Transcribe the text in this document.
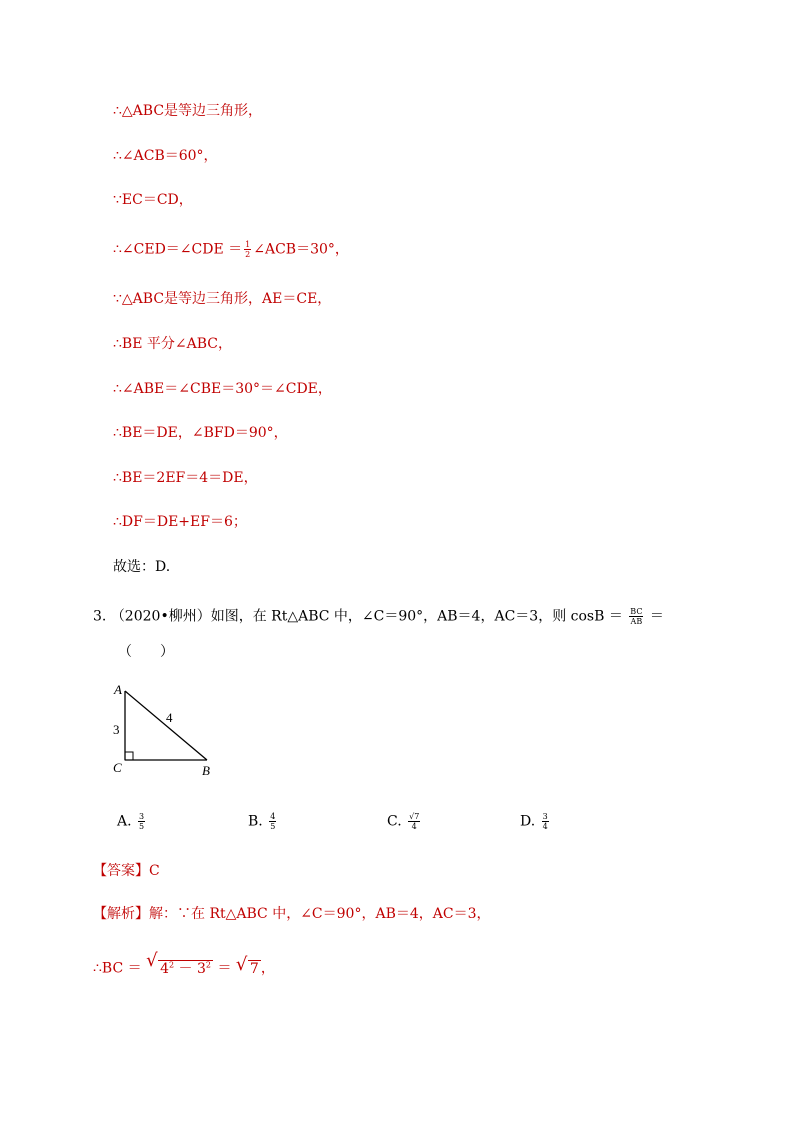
∴△ABC是等边三角形，
∴∠ACB＝60°，
∵EC＝CD，
∴∠CED＝∠CDE ＝ $\frac{1}{2}$ ∠ACB＝30°，
∵△ABC是等边三角形，AE＝CE，
∴BE 平分∠ABC，
∴∠ABE＝∠CBE＝30°＝∠CDE，
∴BE＝DE，∠BFD＝90°，
∴BE＝2EF＝4＝DE，
∴DF＝DE+EF＝6；
故选：D.
3. （2020•柳州）如图，在 Rt△ABC 中，∠C＝90°，AB＝4，AC＝3，则 $\cos B = \frac{BC}{AB}$ ＝
（　　）
A
C	B
3
4
A. $\frac{3}{5}$	B. $\frac{4}{5}$	C. $\frac{√7}{4}$	D. $\frac{3}{4}$
【答案】C
【解析】解：∵在 Rt△ABC 中，∠C＝90°，AB＝4，AC＝3，
∴BC ＝ √ $4^2 - 3^2$ ＝ √ 7 ，
